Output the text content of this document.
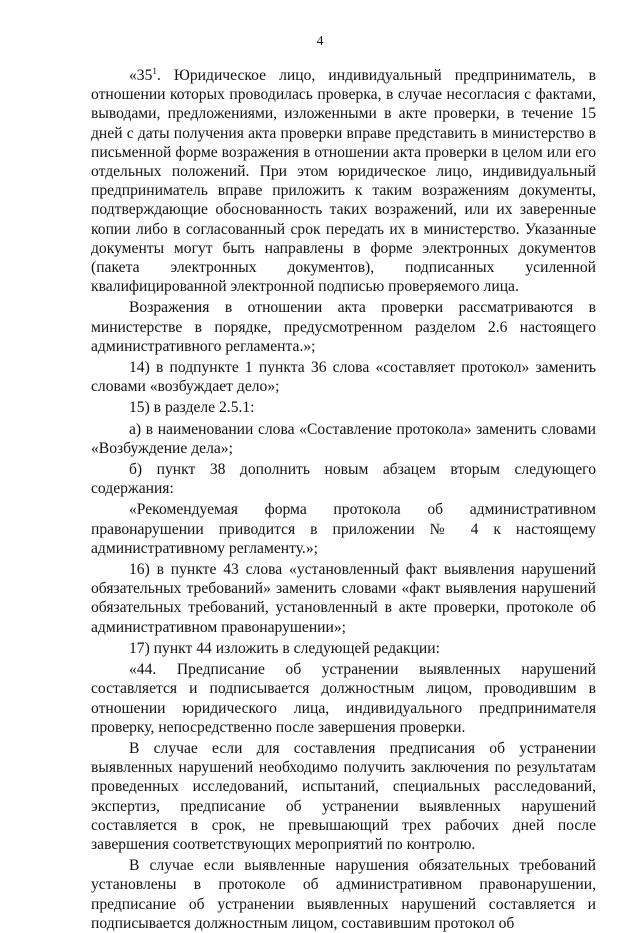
4

«$35^1$. Юридическое лицо, индивидуальный предприниматель, в отношении которых проводилась проверка, в случае несогласия с фактами, выводами, предложениями, изложенными в акте проверки, в течение 15 дней с даты получения акта проверки вправе представить в министерство в письменной форме возражения в отношении акта проверки в целом или его отдельных положений. При этом юридическое лицо, индивидуальный предприниматель вправе приложить к таким возражениям документы, подтверждающие обоснованность таких возражений, или их заверенные копии либо в согласованный срок передать их в министерство. Указанные документы могут быть направлены в форме электронных документов (пакета электронных документов), подписанных усиленной квалифицированной электронной подписью проверяемого лица.

Возражения в отношении акта проверки рассматриваются в министерстве в порядке, предусмотренном разделом 2.6 настоящего административного регламента.»;

14) в подпункте 1 пункта 36 слова «составляет протокол» заменить словами «возбуждает дело»;

15) в разделе 2.5.1:

а) в наименовании слова «Составление протокола» заменить словами «Возбуждение дела»;

б) пункт 38 дополнить новым абзацем вторым следующего содержания:

«Рекомендуемая форма протокола об административном правонарушении приводится в приложении № 4 к настоящему административному регламенту.»;

16) в пункте 43 слова «установленный факт выявления нарушений обязательных требований» заменить словами «факт выявления нарушений обязательных требований, установленный в акте проверки, протоколе об административном правонарушении»;

17) пункт 44 изложить в следующей редакции:

«44. Предписание об устранении выявленных нарушений составляется и подписывается должностным лицом, проводившим в отношении юридического лица, индивидуального предпринимателя проверку, непосредственно после завершения проверки.

В случае если для составления предписания об устранении выявленных нарушений необходимо получить заключения по результатам проведенных исследований, испытаний, специальных расследований, экспертиз, предписание об устранении выявленных нарушений составляется в срок, не превышающий трех рабочих дней после завершения соответствующих мероприятий по контролю.

В случае если выявленные нарушения обязательных требований установлены в протоколе об административном правонарушении, предписание об устранении выявленных нарушений составляется и подписывается должностным лицом, составившим протокол об
